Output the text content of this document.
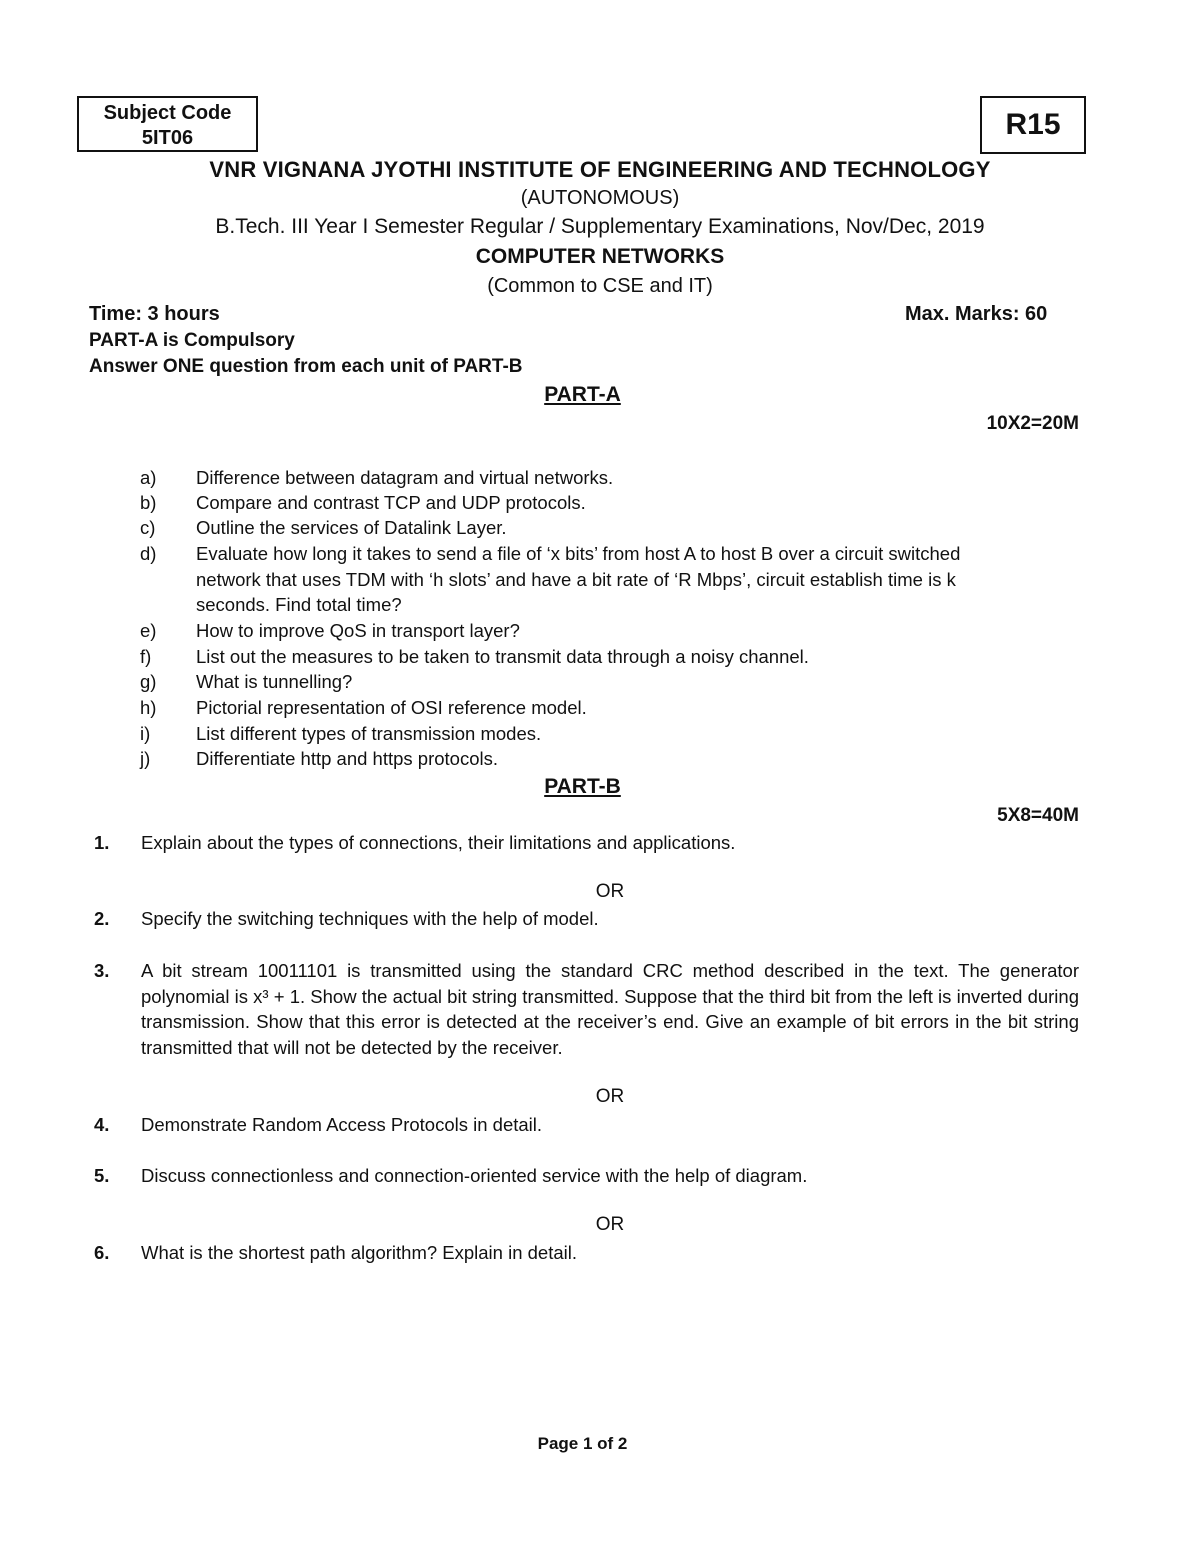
Subject Code
5IT06	R15
VNR VIGNANA JYOTHI INSTITUTE OF ENGINEERING AND TECHNOLOGY
(AUTONOMOUS)
B.Tech. III Year I Semester Regular / Supplementary Examinations, Nov/Dec, 2019
COMPUTER NETWORKS
(Common to CSE and IT)
Time: 3 hours	Max. Marks: 60
PART-A is Compulsory
Answer ONE question from each unit of PART-B
PART-A
10X2=20M
a) Difference between datagram and virtual networks.
b) Compare and contrast TCP and UDP protocols.
c) Outline the services of Datalink Layer.
d) Evaluate how long it takes to send a file of ‘x bits’ from host A to host B over a circuit switched network that uses TDM with ‘h slots’ and have a bit rate of ‘R Mbps’, circuit establish time is k seconds. Find total time?
e) How to improve QoS in transport layer?
f) List out the measures to be taken to transmit data through a noisy channel.
g) What is tunnelling?
h) Pictorial representation of OSI reference model.
i) List different types of transmission modes.
j) Differentiate http and https protocols.
PART-B
5X8=40M
1. Explain about the types of connections, their limitations and applications.
OR
2. Specify the switching techniques with the help of model.
3. A bit stream 10011101 is transmitted using the standard CRC method described in the text. The generator polynomial is x³ + 1. Show the actual bit string transmitted. Suppose that the third bit from the left is inverted during transmission. Show that this error is detected at the receiver’s end. Give an example of bit errors in the bit string transmitted that will not be detected by the receiver.
OR
4. Demonstrate Random Access Protocols in detail.
5. Discuss connectionless and connection-oriented service with the help of diagram.
OR
6. What is the shortest path algorithm? Explain in detail.
Page 1 of 2
